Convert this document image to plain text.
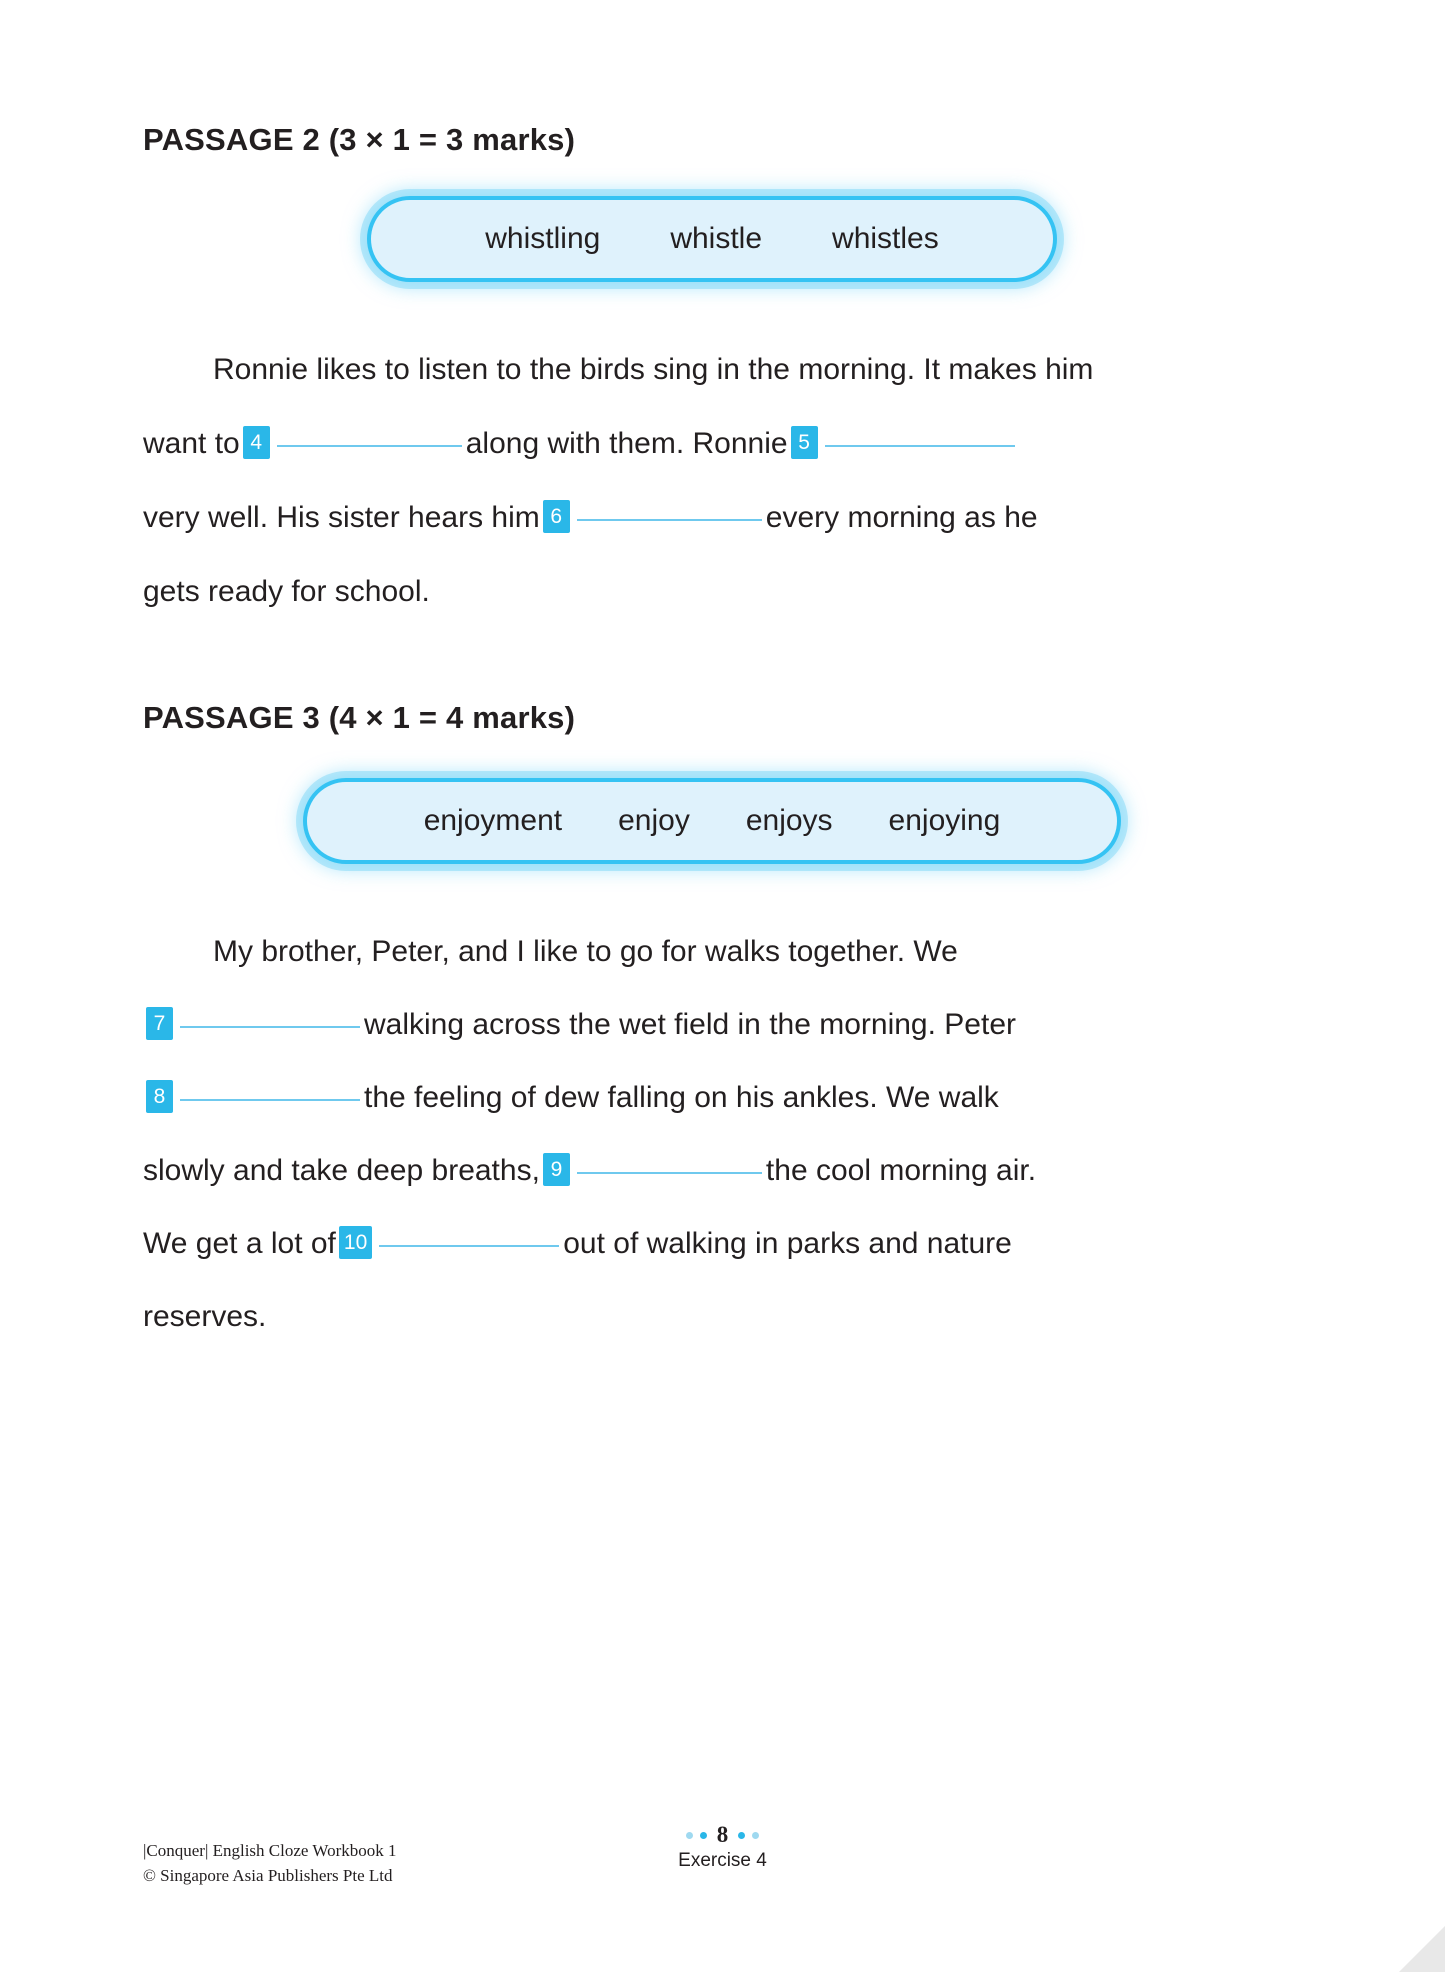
PASSAGE 2 (3 × 1 = 3 marks)
whistling whistle whistles
Ronnie likes to listen to the birds sing in the morning. It makes him
want to 4	along with them. Ronnie 5
very well. His sister hears him 6	every morning as he
gets ready for school.
PASSAGE 3 (4 × 1 = 4 marks)
enjoyment enjoy enjoys enjoying
My brother, Peter, and I like to go for walks together. We
7	walking across the wet field in the morning. Peter
8	the feeling of dew falling on his ankles. We walk
slowly and take deep breaths, 9	the cool morning air.
We get a lot of 10	out of walking in parks and nature
reserves.
|Conquer| English Cloze Workbook 1
© Singapore Asia Publishers Pte Ltd
8
Exercise 4
